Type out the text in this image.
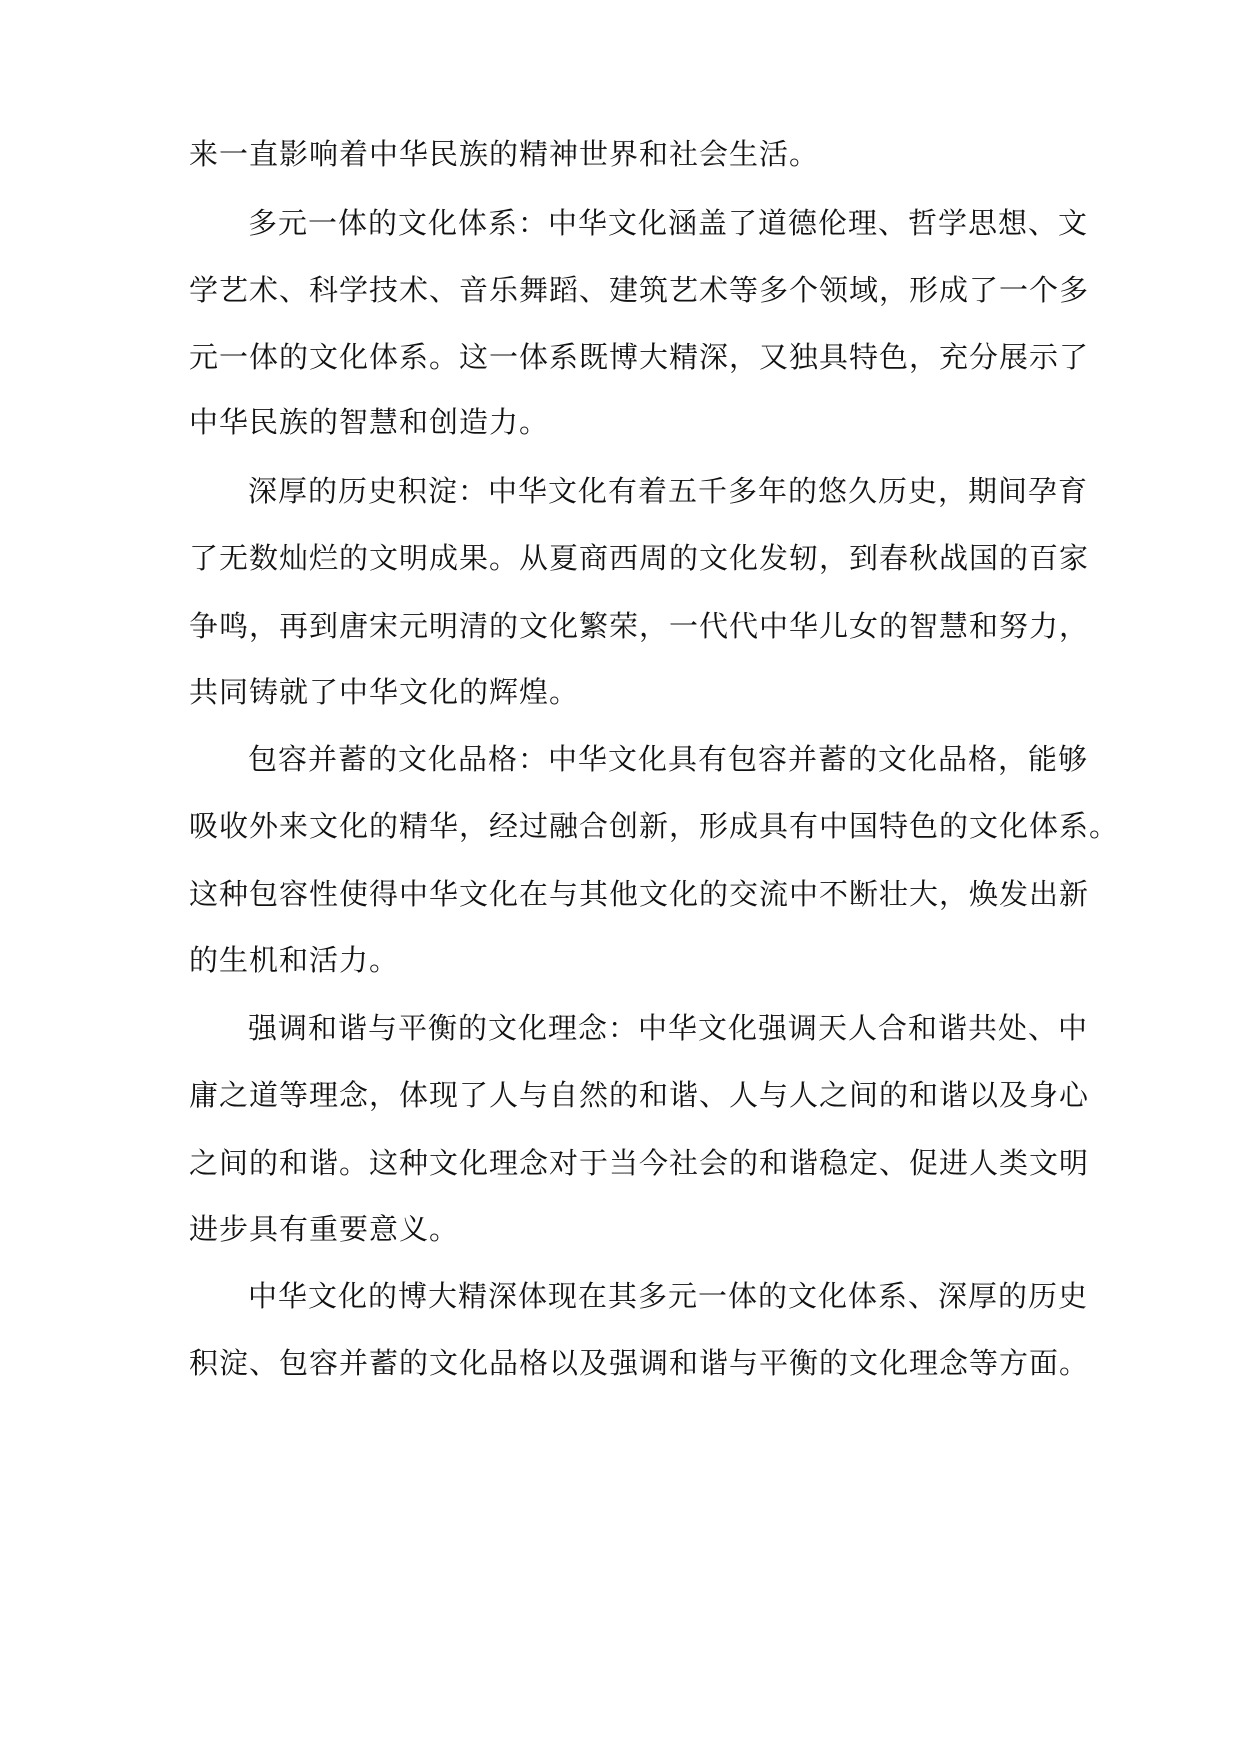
来一直影响着中华民族的精神世界和社会生活。

多元一体的文化体系：中华文化涵盖了道德伦理、哲学思想、文

学艺术、科学技术、音乐舞蹈、建筑艺术等多个领域，形成了一个多

元一体的文化体系。这一体系既博大精深，又独具特色，充分展示了

中华民族的智慧和创造力。

深厚的历史积淀：中华文化有着五千多年的悠久历史，期间孕育

了无数灿烂的文明成果。从夏商西周的文化发轫，到春秋战国的百家

争鸣，再到唐宋元明清的文化繁荣，一代代中华儿女的智慧和努力，

共同铸就了中华文化的辉煌。

包容并蓄的文化品格：中华文化具有包容并蓄的文化品格，能够

吸收外来文化的精华，经过融合创新，形成具有中国特色的文化体系。

这种包容性使得中华文化在与其他文化的交流中不断壮大，焕发出新

的生机和活力。

强调和谐与平衡的文化理念：中华文化强调天人合和谐共处、中

庸之道等理念，体现了人与自然的和谐、人与人之间的和谐以及身心

之间的和谐。这种文化理念对于当今社会的和谐稳定、促进人类文明

进步具有重要意义。

中华文化的博大精深体现在其多元一体的文化体系、深厚的历史

积淀、包容并蓄的文化品格以及强调和谐与平衡的文化理念等方面。
